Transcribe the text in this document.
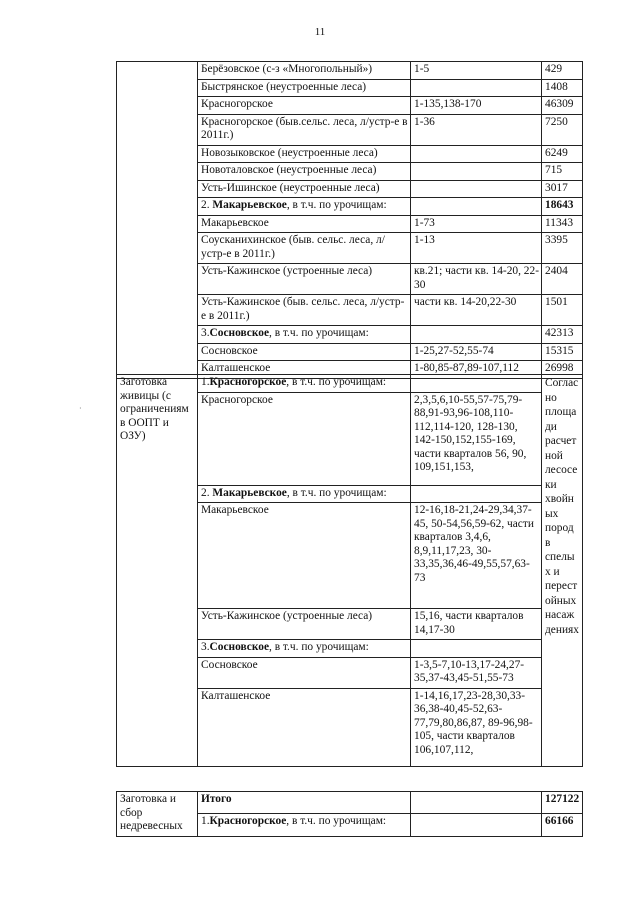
11
·
	Берёзовское (с-з «Многопольный»)	1-5	429
	Быстрянское (неустроенные леса)		1408
	Красногорское	1-135,138-170	46309
	Красногорское (быв.сельс. леса, л/устр-е в 2011г.)	1-36	7250
	Новозыковское (неустроенные леса)		6249
	Новоталовское (неустроенные леса)		715
	Усть-Ишинское (неустроенные леса)		3017
	2. Макарьевское, в т.ч. по урочищам:		18643
	Макарьевское	1-73	11343
	Соусканихинское (быв. сельс. леса, л/устр-е в 2011г.)	1-13	3395
	Усть-Кажинское (устроенные леса)	кв.21; части кв. 14-20, 22-30	2404
	Усть-Кажинское (быв. сельс. леса, л/устр-е в 2011г.)	части кв. 14-20,22-30	1501
	3.Сосновское, в т.ч. по урочищам:		42313
	Сосновское	1-25,27-52,55-74	15315
	Калташенское	1-80,85-87,89-107,112	26998
Заготовка живицы (с ограничениям в ООПТ и ОЗУ)	1.Красногорское, в т.ч. по урочищам:		Согласно площади расчетной лесосеки хвойных пород в спелых и перестойных насаждениях
	Красногорское	2,3,5,6,10-55,57-75,79-88,91-93,96-108,110-112,114-120, 128-130, 142-150,152,155-169, части кварталов 56, 90, 109,151,153,	
	2. Макарьевское, в т.ч. по урочищам:		
	Макарьевское	12-16,18-21,24-29,34,37-45, 50-54,56,59-62, части кварталов 3,4,6, 8,9,11,17,23, 30-33,35,36,46-49,55,57,63-73	
	Усть-Кажинское (устроенные леса)	15,16, части кварталов 14,17-30	
	3.Сосновское, в т.ч. по урочищам:		
	Сосновское	1-3,5-7,10-13,17-24,27-35,37-43,45-51,55-73	
	Калташенское	1-14,16,17,23-28,30,33-36,38-40,45-52,63-77,79,80,86,87, 89-96,98-105, части кварталов 106,107,112,	
Заготовка и сбор недревесных	Итого		127122
	1.Красногорское, в т.ч. по урочищам:		66166
